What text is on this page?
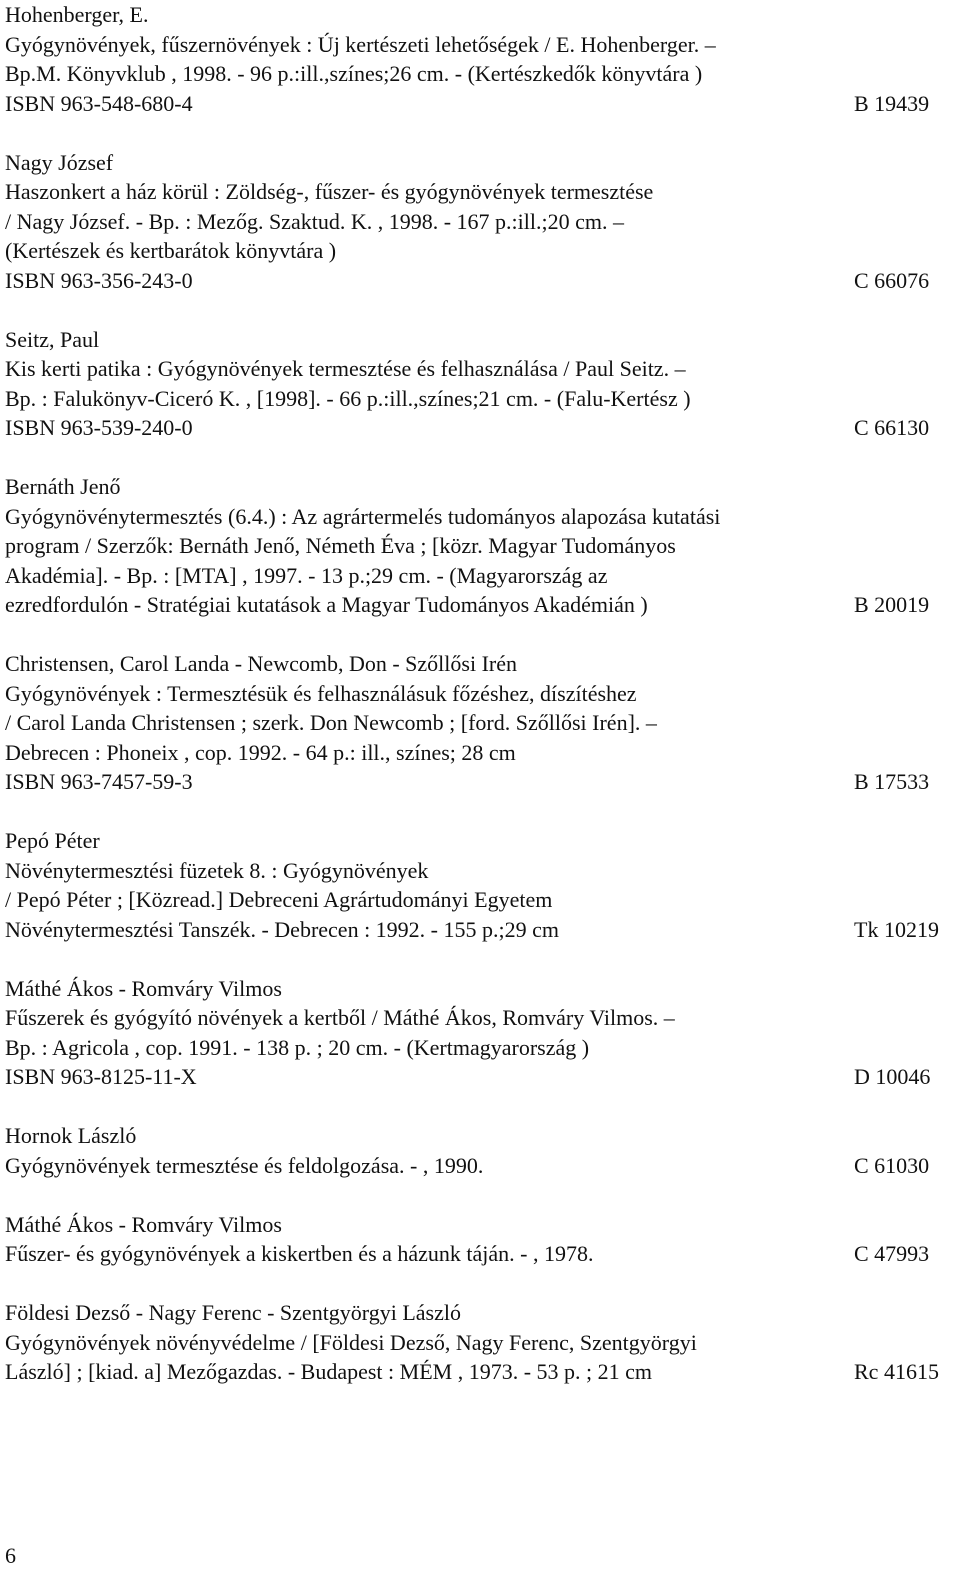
Hohenberger, E.
Gyógynövények, fűszernövények : Új kertészeti lehetőségek / E. Hohenberger. –
Bp.M. Könyvklub , 1998. - 96 p.:ill.,színes;26 cm. - (Kertészkedők könyvtára )
ISBN 963-548-680-4	B 19439
Nagy József
Haszonkert a ház körül : Zöldség-, fűszer- és gyógynövények termesztése
/ Nagy József. - Bp. : Mezőg. Szaktud. K. , 1998. - 167 p.:ill.;20 cm. –
(Kertészek és kertbarátok könyvtára )
ISBN 963-356-243-0	C 66076
Seitz, Paul
Kis kerti patika : Gyógynövények termesztése és felhasználása / Paul Seitz. –
Bp. : Falukönyv-Ciceró K. , [1998]. - 66 p.:ill.,színes;21 cm. - (Falu-Kertész )
ISBN 963-539-240-0	C 66130
Bernáth Jenő
Gyógynövénytermesztés (6.4.) : Az agrártermelés tudományos alapozása kutatási
program / Szerzők: Bernáth Jenő, Németh Éva ; [közr. Magyar Tudományos
Akadémia]. - Bp. : [MTA] , 1997. - 13 p.;29 cm. - (Magyarország az
ezredfordulón - Stratégiai kutatások a Magyar Tudományos Akadémián )	B 20019
Christensen, Carol Landa - Newcomb, Don - Szőllősi Irén
Gyógynövények : Termesztésük és felhasználásuk főzéshez, díszítéshez
/ Carol Landa Christensen ; szerk. Don Newcomb ; [ford. Szőllősi Irén]. –
Debrecen : Phoneix , cop. 1992. - 64 p.: ill., színes; 28 cm
ISBN 963-7457-59-3	B 17533
Pepó Péter
Növénytermesztési füzetek 8. : Gyógynövények
/ Pepó Péter ; [Közread.] Debreceni Agrártudományi Egyetem
Növénytermesztési Tanszék. - Debrecen : 1992. - 155 p.;29 cm	Tk 10219
Máthé Ákos - Romváry Vilmos
Fűszerek és gyógyító növények a kertből / Máthé Ákos, Romváry Vilmos. –
Bp. : Agricola , cop. 1991. - 138 p. ; 20 cm. - (Kertmagyarország )
ISBN 963-8125-11-X	D 10046
Hornok László
Gyógynövények termesztése és feldolgozása. - , 1990.	C 61030
Máthé Ákos - Romváry Vilmos
Fűszer- és gyógynövények a kiskertben és a házunk táján. - , 1978.	C 47993
Földesi Dezső - Nagy Ferenc - Szentgyörgyi László
Gyógynövények növényvédelme / [Földesi Dezső, Nagy Ferenc, Szentgyörgyi
László] ; [kiad. a] Mezőgazdas. - Budapest : MÉM , 1973. - 53 p. ; 21 cm	Rc 41615
6
